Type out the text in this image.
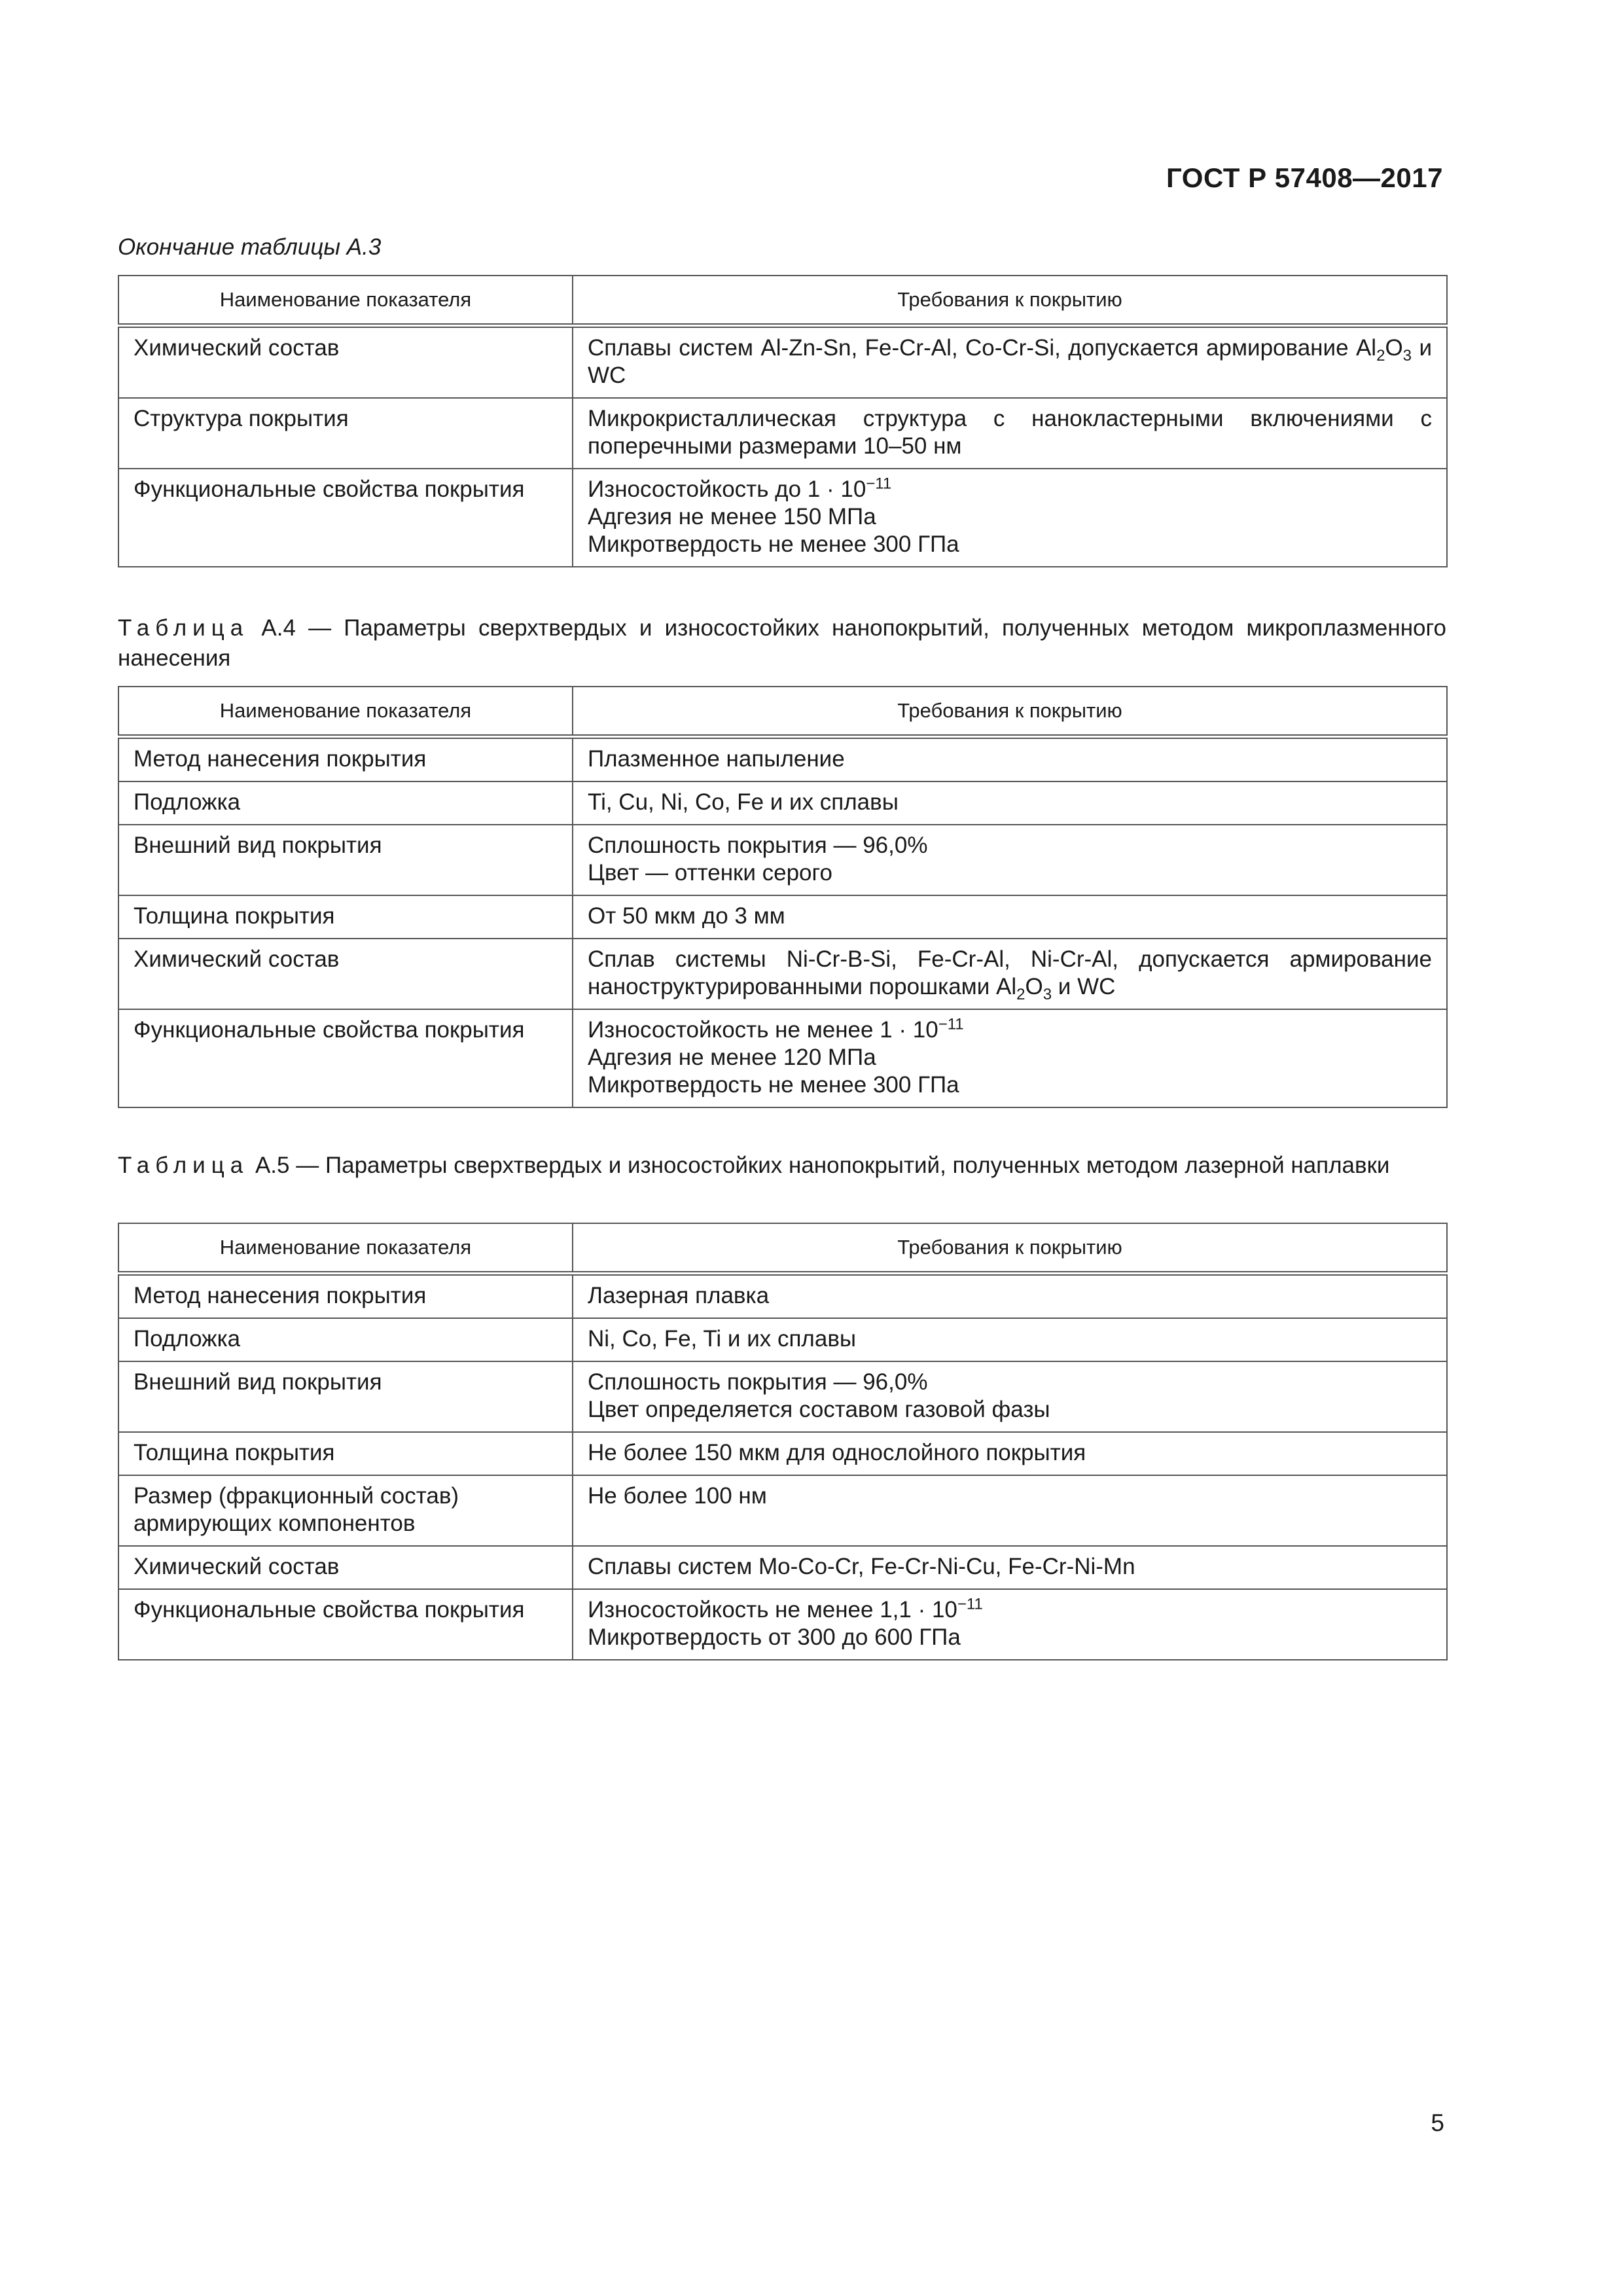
ГОСТ Р 57408—2017
Окончание таблицы А.3
Наименование показателя	Требования к покрытию
Химический состав	Сплавы систем Al-Zn-Sn, Fe-Cr-Al, Co-Cr-Si, допускается армирование $Al_2O_3$ и WC
Структура покрытия	Микрокристаллическая структура с нанокластерными включениями с поперечными размерами 10–50 нм
Функциональные свойства покрытия	Износостойкость до $1 \cdot 10^{-11}$
Адгезия не менее 150 МПа
Микротвердость не менее 300 ГПа
Таблица А.4 — Параметры сверхтвердых и износостойких нанопокрытий, полученных методом микроплазменного нанесения
Наименование показателя	Требования к покрытию
Метод нанесения покрытия	Плазменное напыление
Подложка	Ti, Cu, Ni, Co, Fe и их сплавы
Внешний вид покрытия	Сплошность покрытия — 96,0%
Цвет — оттенки серого

Толщина покрытия	От 50 мкм до 3 мм
Химический состав	Сплав системы Ni-Cr-B-Si, Fe-Cr-Al, Ni-Cr-Al, допускается армирование наноструктурированными порошками $Al_2O_3$ и WC
Функциональные свойства покрытия	Износостойкость не менее $1 \cdot 10^{-11}$
Адгезия не менее 120 МПа
Микротвердость не менее 300 ГПа
Таблица А.5 — Параметры сверхтвердых и износостойких нанопокрытий, полученных методом лазерной наплавки
Наименование показателя	Требования к покрытию
Метод нанесения покрытия	Лазерная плавка
Подложка	Ni, Co, Fe, Ti и их сплавы
Внешний вид покрытия	Сплошность покрытия — 96,0%
Цвет определяется составом газовой фазы

Толщина покрытия	Не более 150 мкм для однослойного покрытия
Размер (фракционный состав) армирующих компонентов	Не более 100 нм
Химический состав	Сплавы систем Mo-Co-Cr, Fe-Cr-Ni-Cu, Fe-Cr-Ni-Mn
Функциональные свойства покрытия	Износостойкость не менее $1,1 \cdot 10^{-11}$
Микротвердость от 300 до 600 ГПа
5
